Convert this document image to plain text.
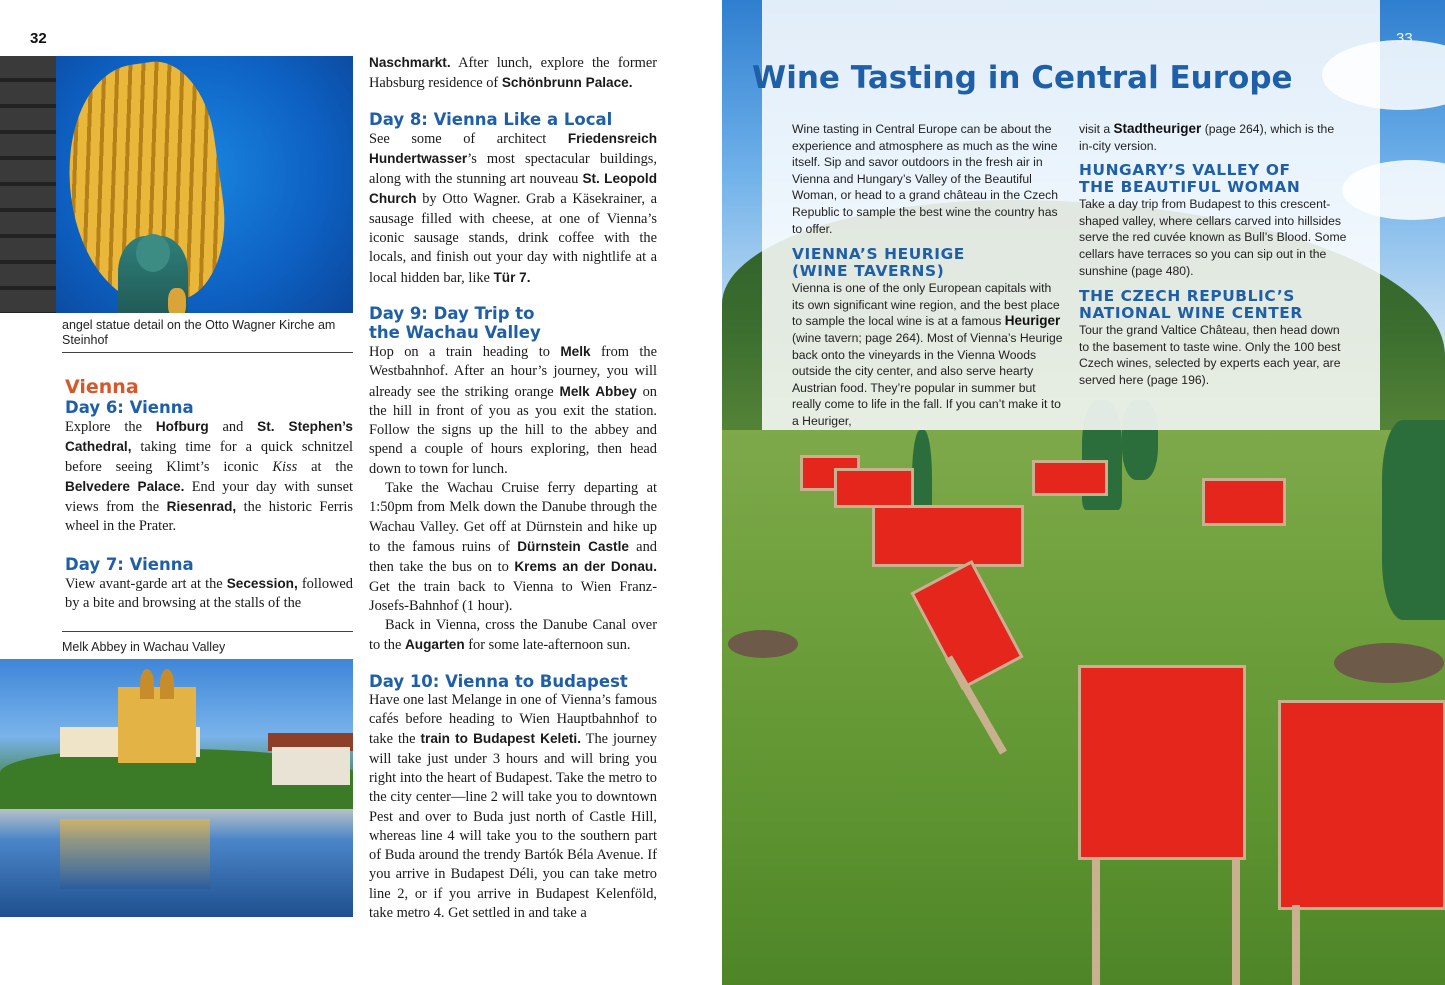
32
angel statue detail on the Otto Wagner Kirche am
Steinhof
Vienna
Day 6: Vienna

Explore the Hofburg and St. Stephen’s Cathedral, taking time for a quick schnitzel before seeing Klimt’s iconic Kiss at the Belvedere Palace. End your day with sunset views from the Riesenrad, the historic Ferris wheel in the Prater.

Day 7: Vienna

View avant-garde art at the Secession, followed by a bite and browsing at the stalls of the

Melk Abbey in Wachau Valley

Naschmarkt. After lunch, explore the former Habsburg residence of Schönbrunn Palace.

Day 8: Vienna Like a Local

See some of architect Friedensreich Hundertwasser’s most spectacular buildings, along with the stunning art nouveau St. Leopold Church by Otto Wagner. Grab a Käsekrainer, a sausage filled with cheese, at one of Vienna’s iconic sausage stands, drink coffee with the locals, and finish out your day with nightlife at a local hidden bar, like Tür 7.

Day 9: Day Trip to
the Wachau Valley

Hop on a train heading to Melk from the Westbahnhof. After an hour’s journey, you will already see the striking orange Melk Abbey on the hill in front of you as you exit the station. Follow the signs up the hill to the abbey and spend a couple of hours exploring, then head down to town for lunch.

Take the Wachau Cruise ferry departing at 1:50pm from Melk down the Danube through the Wachau Valley. Get off at Dürnstein and hike up to the famous ruins of Dürnstein Castle and then take the bus on to Krems an der Donau. Get the train back to Vienna to Wien Franz-Josefs-Bahnhof (1 hour).

Back in Vienna, cross the Danube Canal over to the Augarten for some late-afternoon sun.

Day 10: Vienna to Budapest

Have one last Melange in one of Vienna’s famous cafés before heading to Wien Hauptbahnhof to take the train to Budapest Keleti. The journey will take just under 3 hours and will bring you right into the heart of Budapest. Take the metro to the city center—line 2 will take you to downtown Pest and over to Buda just north of Castle Hill, whereas line 4 will take you to the southern part of Buda around the trendy Bartók Béla Avenue. If you arrive in Budapest Déli, you can take metro line 2, or if you arrive in Budapest Kelenföld, take metro 4. Get settled in and take a

33
Wine Tasting in Central Europe

Wine tasting in Central Europe can be about the experience and atmosphere as much as the wine itself. Sip and savor outdoors in the fresh air in Vienna and Hungary’s Valley of the Beautiful Woman, or head to a grand château in the Czech Republic to sample the best wine the country has to offer.

VIENNA’S HEURIGE
(WINE TAVERNS)

Vienna is one of the only European capitals with its own significant wine region, and the best place to sample the local wine is at a famous Heuriger (wine tavern; page 264). Most of Vienna’s Heurige back onto the vineyards in the Vienna Woods outside the city center, and also serve hearty Austrian food. They’re popular in summer but really come to life in the fall. If you can’t make it to a Heuriger,

visit a Stadtheuriger (page 264), which is the in-city version.

HUNGARY’S VALLEY OF
THE BEAUTIFUL WOMAN

Take a day trip from Budapest to this crescent-shaped valley, where cellars carved into hillsides serve the red cuvée known as Bull’s Blood. Some cellars have terraces so you can sip out in the sunshine (page 480).

THE CZECH REPUBLIC’S
NATIONAL WINE CENTER

Tour the grand Valtice Château, then head down to the basement to taste wine. Only the 100 best Czech wines, selected by experts each year, are served here (page 196).
